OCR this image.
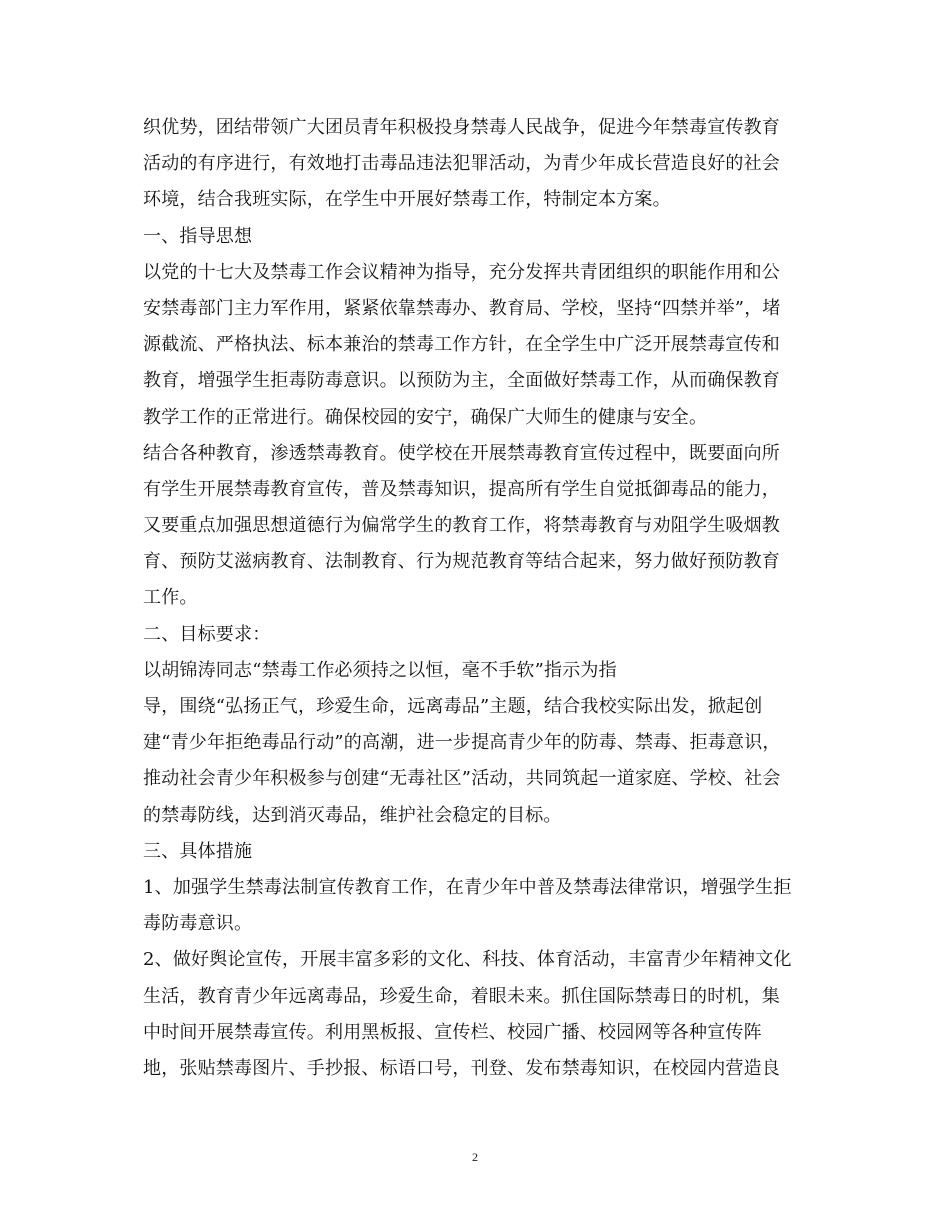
织优势，团结带领广大团员青年积极投身禁毒人民战争，促进今年禁毒宣传教育
活动的有序进行，有效地打击毒品违法犯罪活动，为青少年成长营造良好的社会
环境，结合我班实际，在学生中开展好禁毒工作，特制定本方案。
一、指导思想
以党的十七大及禁毒工作会议精神为指导，充分发挥共青团组织的职能作用和公
安禁毒部门主力军作用，紧紧依靠禁毒办、教育局、学校，坚持“四禁并举”，堵
源截流、严格执法、标本兼治的禁毒工作方针，在全学生中广泛开展禁毒宣传和
教育，增强学生拒毒防毒意识。以预防为主，全面做好禁毒工作，从而确保教育
教学工作的正常进行。确保校园的安宁，确保广大师生的健康与安全。
结合各种教育，渗透禁毒教育。使学校在开展禁毒教育宣传过程中，既要面向所
有学生开展禁毒教育宣传，普及禁毒知识，提高所有学生自觉抵御毒品的能力，
又要重点加强思想道德行为偏常学生的教育工作，将禁毒教育与劝阻学生吸烟教
育、预防艾滋病教育、法制教育、行为规范教育等结合起来，努力做好预防教育
工作。
二、目标要求：
以胡锦涛同志“禁毒工作必须持之以恒，毫不手软”指示为指
导，围绕“弘扬正气，珍爱生命，远离毒品”主题，结合我校实际出发，掀起创
建“青少年拒绝毒品行动”的高潮，进一步提高青少年的防毒、禁毒、拒毒意识，
推动社会青少年积极参与创建“无毒社区”活动，共同筑起一道家庭、学校、社会
的禁毒防线，达到消灭毒品，维护社会稳定的目标。
三、具体措施
1、加强学生禁毒法制宣传教育工作，在青少年中普及禁毒法律常识，增强学生拒
毒防毒意识。
2、做好舆论宣传，开展丰富多彩的文化、科技、体育活动，丰富青少年精神文化
生活，教育青少年远离毒品，珍爱生命，着眼未来。抓住国际禁毒日的时机，集
中时间开展禁毒宣传。利用黑板报、宣传栏、校园广播、校园网等各种宣传阵
地，张贴禁毒图片、手抄报、标语口号，刊登、发布禁毒知识，在校园内营造良
2
